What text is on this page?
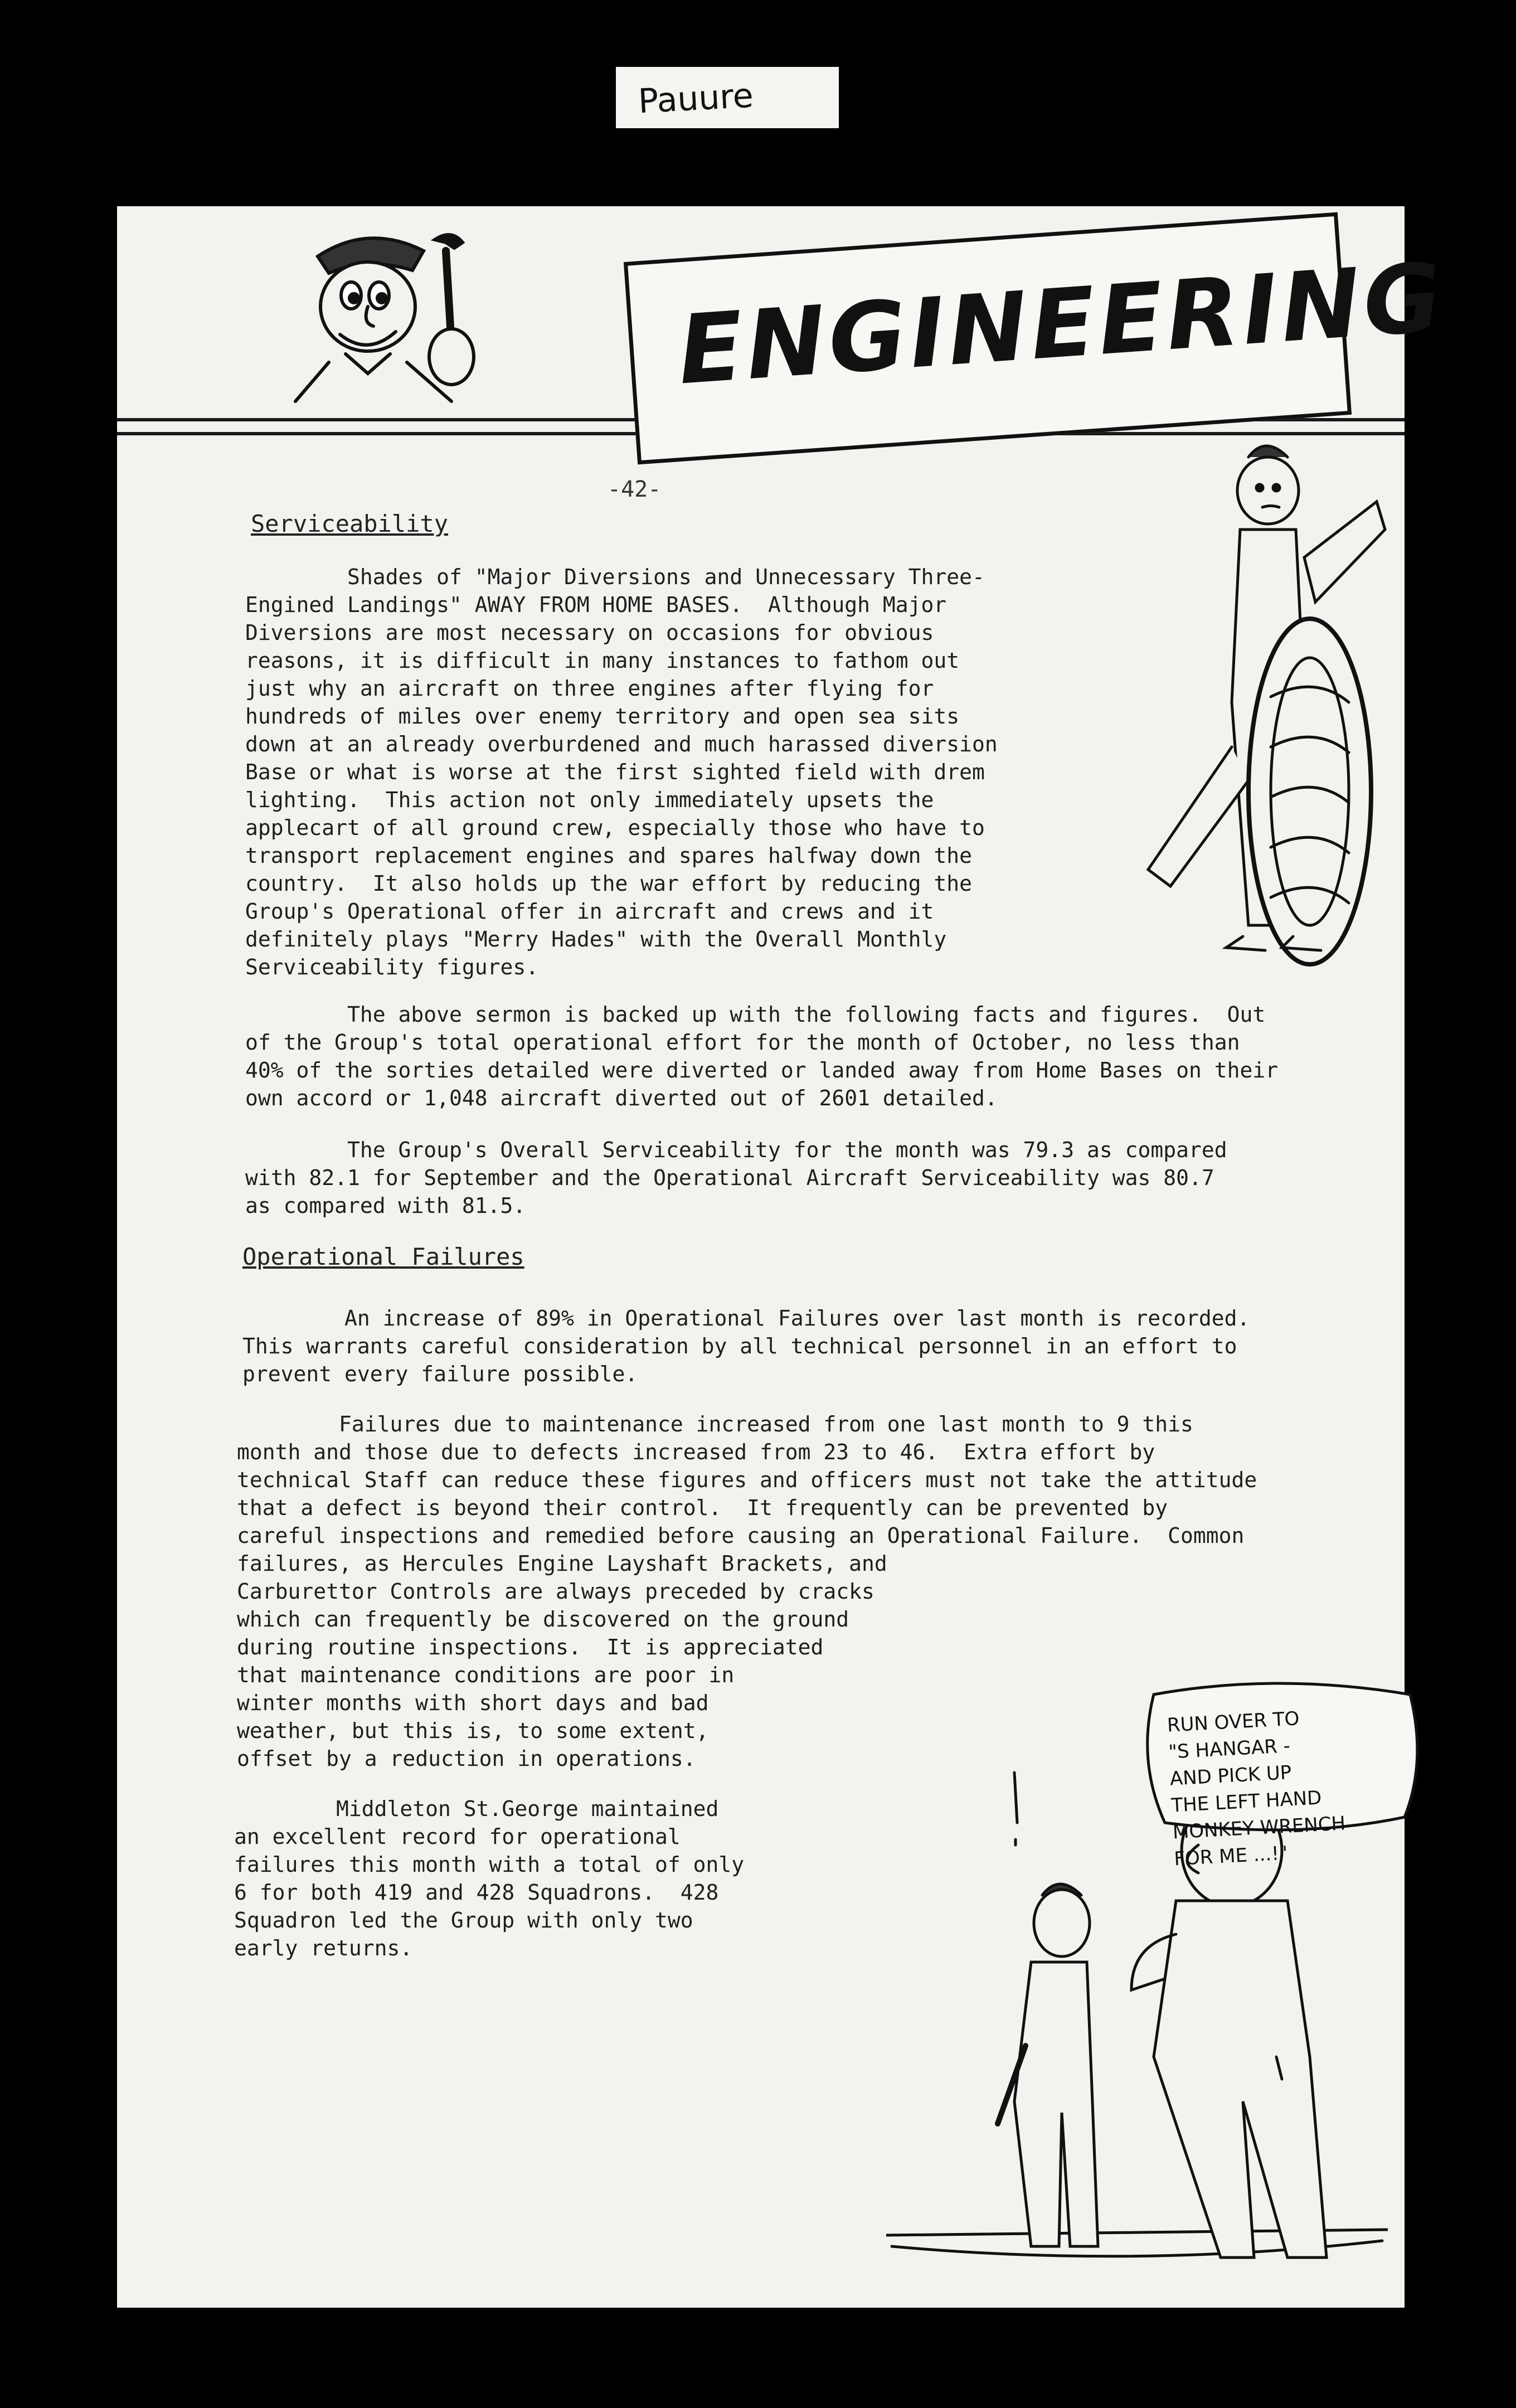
Pauure
ENGINEERING
-42-
Serviceability
Shades of "Major Diversions and Unnecessary Three-
Engined Landings" AWAY FROM HOME BASES.  Although Major
Diversions are most necessary on occasions for obvious
reasons, it is difficult in many instances to fathom out
just why an aircraft on three engines after flying for
hundreds of miles over enemy territory and open sea sits
down at an already overburdened and much harassed diversion
Base or what is worse at the first sighted field with drem
lighting.  This action not only immediately upsets the
applecart of all ground crew, especially those who have to
transport replacement engines and spares halfway down the
country.  It also holds up the war effort by reducing the
Group's Operational offer in aircraft and crews and it
definitely plays "Merry Hades" with the Overall Monthly
Serviceability figures.
The above sermon is backed up with the following facts and figures.  Out
of the Group's total operational effort for the month of October, no less than
40% of the sorties detailed were diverted or landed away from Home Bases on their
own accord or 1,048 aircraft diverted out of 2601 detailed.
The Group's Overall Serviceability for the month was 79.3 as compared
with 82.1 for September and the Operational Aircraft Serviceability was 80.7
as compared with 81.5.
Operational Failures
An increase of 89% in Operational Failures over last month is recorded.
This warrants careful consideration by all technical personnel in an effort to
prevent every failure possible.
Failures due to maintenance increased from one last month to 9 this
month and those due to defects increased from 23 to 46.  Extra effort by
technical Staff can reduce these figures and officers must not take the attitude
that a defect is beyond their control.  It frequently can be prevented by
careful inspections and remedied before causing an Operational Failure.  Common
failures, as Hercules Engine Layshaft Brackets, and
Carburettor Controls are always preceded by cracks
which can frequently be discovered on the ground
during routine inspections.  It is appreciated
that maintenance conditions are poor in
winter months with short days and bad
weather, but this is, to some extent,
offset by a reduction in operations.
Middleton St.George maintained
an excellent record for operational
failures this month with a total of only
6 for both 419 and 428 Squadrons.  428
Squadron led the Group with only two
early returns.
RUN OVER TO
"S HANGAR -
AND PICK UP
THE LEFT HAND
MONKEY WRENCH
FOR ME ...!"
